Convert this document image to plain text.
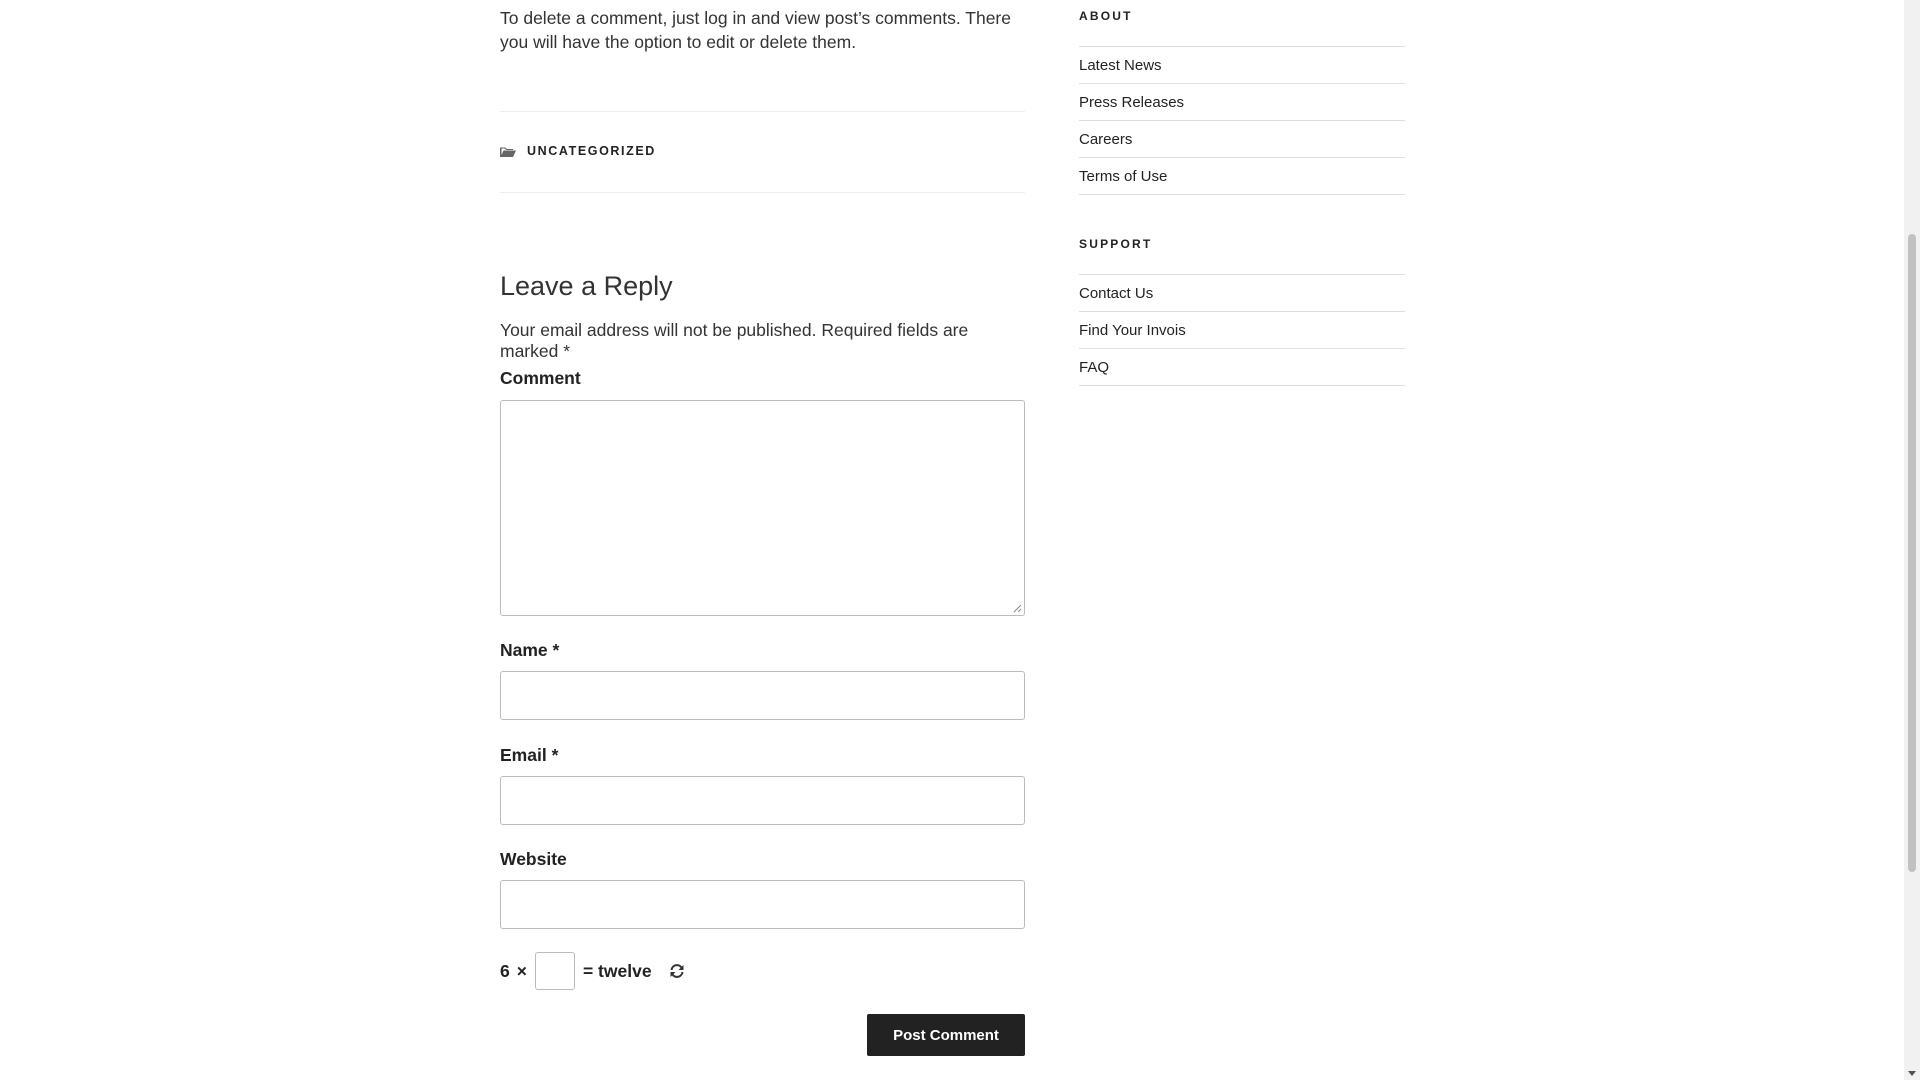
To delete a comment, just log in and view post’s comments. There you will have the option to edit or delete them.

UNCATEGORIZED
Leave a Reply

Your email address will not be published. Required fields are marked *

Comment
Name *
Email *
Website
6 ×	= twelve
Post Comment
ABOUT
Latest News
Press Releases
Careers
Terms of Use
SUPPORT
Contact Us
Find Your Invois
FAQ
